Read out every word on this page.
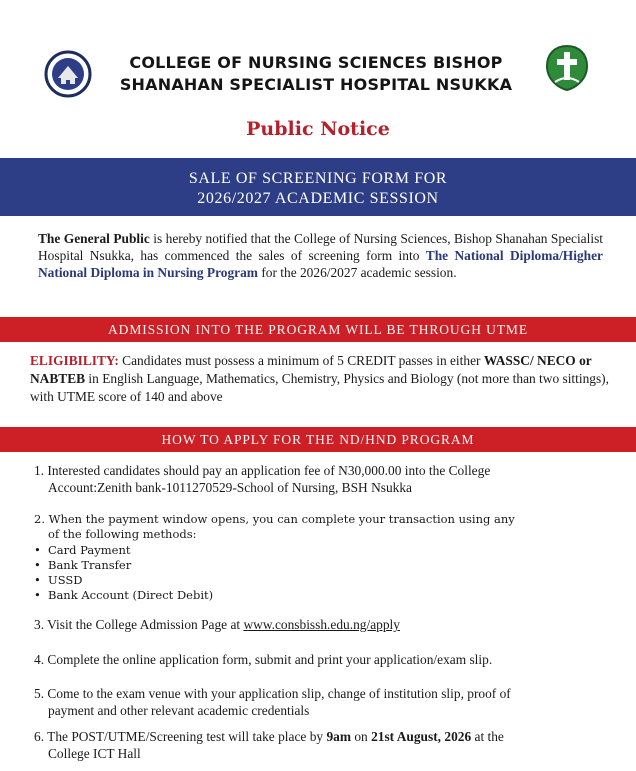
COLLEGE OF NURSING SCIENCES BISHOP
SHANAHAN SPECIALIST HOSPITAL NSUKKA
Public Notice
SALE OF SCREENING FORM FOR
2026/2027 ACADEMIC SESSION

The General Public is hereby notified that the College of Nursing Sciences, Bishop Shanahan Specialist Hospital Nsukka, has commenced the sales of screening form into The National Diploma/Higher National Diploma in Nursing Program for the 2026/2027 academic session.

ADMISSION INTO THE PROGRAM WILL BE THROUGH UTME

ELIGIBILITY: Candidates must possess a minimum of 5 CREDIT passes in either WASSC/ NECO or NABTEB in English Language, Mathematics, Chemistry, Physics and Biology (not more than two sittings), with UTME score of 140 and above

HOW TO APPLY FOR THE ND/HND PROGRAM
1. Interested candidates should pay an application fee of N30,000.00 into the College
Account:Zenith bank-1011270529-School of Nursing, BSH Nsukka
2. When the payment window opens, you can complete your transaction using any
of the following methods:
• Card Payment
• Bank Transfer
• USSD
• Bank Account (Direct Debit)
3. Visit the College Admission Page at www.consbissh.edu.ng/apply
4. Complete the online application form, submit and print your application/exam slip.
5. Come to the exam venue with your application slip, change of institution slip, proof of
payment and other relevant academic credentials
6. The POST/UTME/Screening test will take place by 9am on 21st August, 2026 at the
College ICT Hall
